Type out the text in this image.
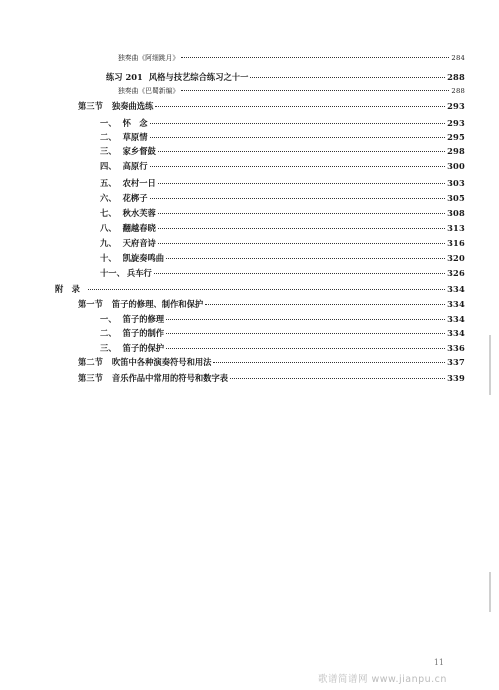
独奏曲《阿细跳月》	284
练习 201 风格与技艺综合练习之十一	288
独奏曲《巴蜀新编》	288
第三节	独奏曲选练	293
一、 怀　念	293
二、 草原情	295
三、 家乡督鼓	298
四、 高原行	300
五、 农村一日	303
六、 花梆子	305
七、 秋水芙蓉	308
八、 翻越春晓	313
九、 天府音诗	316
十、 凯旋奏鸣曲	320
十一、 兵车行	326
附　录	334
第一节	笛子的修理、制作和保护	334
一、 笛子的修理	334
二、 笛子的制作	334
三、 笛子的保护	336
第二节	吹笛中各种演奏符号和用法	337
第三节	音乐作品中常用的符号和数字表	339
11
歌谱简谱网 www.jianpu.cn
